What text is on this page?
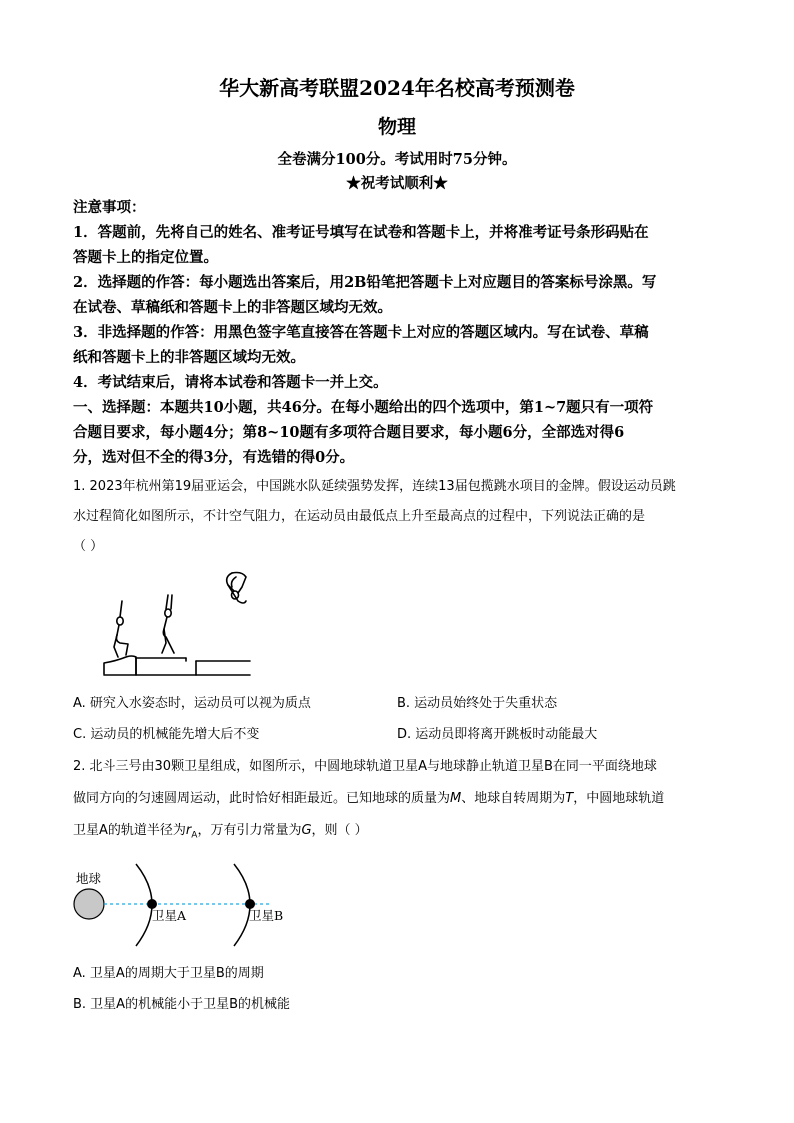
华大新高考联盟2024年名校高考预测卷
物理
全卷满分100分。考试用时75分钟。
★祝考试顺利★
注意事项：
1．答题前，先将自己的姓名、准考证号填写在试卷和答题卡上，并将准考证号条形码贴在
答题卡上的指定位置。
2．选择题的作答：每小题选出答案后，用2B铅笔把答题卡上对应题目的答案标号涂黑。写
在试卷、草稿纸和答题卡上的非答题区域均无效。
3．非选择题的作答：用黑色签字笔直接答在答题卡上对应的答题区域内。写在试卷、草稿
纸和答题卡上的非答题区域均无效。
4．考试结束后，请将本试卷和答题卡一并上交。
一、选择题：本题共10小题，共46分。在每小题给出的四个选项中，第1~7题只有一项符
合题目要求，每小题4分；第8~10题有多项符合题目要求，每小题6分，全部选对得6
分，选对但不全的得3分，有选错的得0分。
1. 2023年杭州第19届亚运会，中国跳水队延续强势发挥，连续13届包揽跳水项目的金牌。假设运动员跳
水过程简化如图所示，不计空气阻力，在运动员由最低点上升至最高点的过程中，下列说法正确的是
（ ）
A. 研究入水姿态时，运动员可以视为质点	B. 运动员始终处于失重状态
C. 运动员的机械能先增大后不变	D. 运动员即将离开跳板时动能最大
2. 北斗三号由30颗卫星组成，如图所示，中圆地球轨道卫星A与地球静止轨道卫星B在同一平面绕地球
做同方向的匀速圆周运动，此时恰好相距最近。已知地球的质量为M、地球自转周期为T，中圆地球轨道
卫星A的轨道半径为$r_A$，万有引力常量为G，则（ ）
地球
卫星A	卫星B
A. 卫星A的周期大于卫星B的周期
B. 卫星A的机械能小于卫星B的机械能
